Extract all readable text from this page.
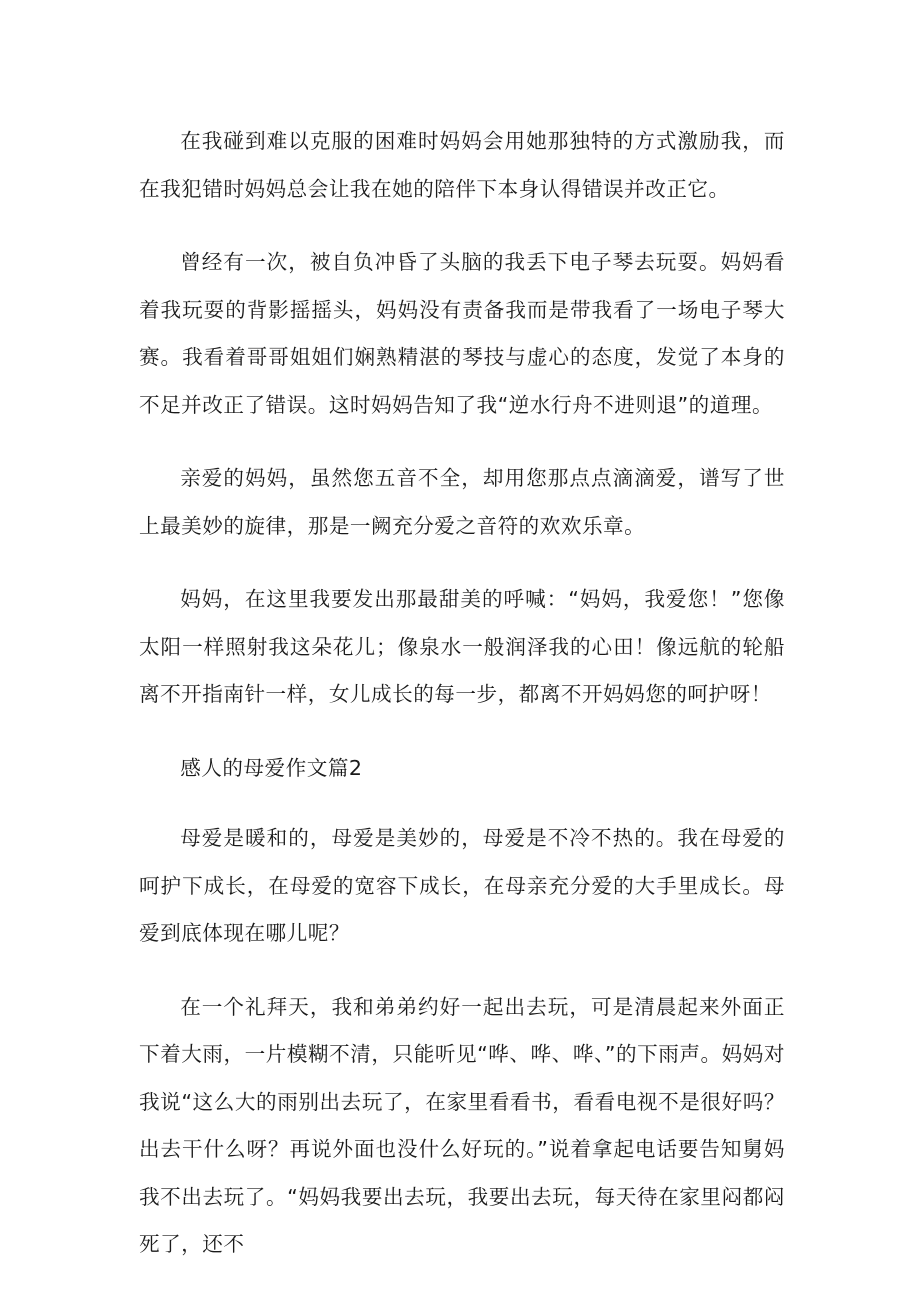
在我碰到难以克服的困难时妈妈会用她那独特的方式激励我，而在我犯错时妈妈总会让我在她的陪伴下本身认得错误并改正它。

曾经有一次，被自负冲昏了头脑的我丢下电子琴去玩耍。妈妈看着我玩耍的背影摇摇头，妈妈没有责备我而是带我看了一场电子琴大赛。我看着哥哥姐姐们娴熟精湛的琴技与虚心的态度，发觉了本身的不足并改正了错误。这时妈妈告知了我“逆水行舟不进则退”的道理。

亲爱的妈妈，虽然您五音不全，却用您那点点滴滴爱，谱写了世上最美妙的旋律，那是一阙充分爱之音符的欢欢乐章。

妈妈，在这里我要发出那最甜美的呼喊：“妈妈，我爱您！”您像太阳一样照射我这朵花儿；像泉水一般润泽我的心田！像远航的轮船离不开指南针一样，女儿成长的每一步，都离不开妈妈您的呵护呀！

感人的母爱作文篇2

母爱是暖和的，母爱是美妙的，母爱是不冷不热的。我在母爱的呵护下成长，在母爱的宽容下成长，在母亲充分爱的大手里成长。母爱到底体现在哪儿呢？

在一个礼拜天，我和弟弟约好一起出去玩，可是清晨起来外面正下着大雨，一片模糊不清，只能听见“哗、哗、哗、”的下雨声。妈妈对我说“这么大的雨别出去玩了，在家里看看书，看看电视不是很好吗？出去干什么呀？再说外面也没什么好玩的。”说着拿起电话要告知舅妈我不出去玩了。“妈妈我要出去玩，我要出去玩，每天待在家里闷都闷死了，还不
